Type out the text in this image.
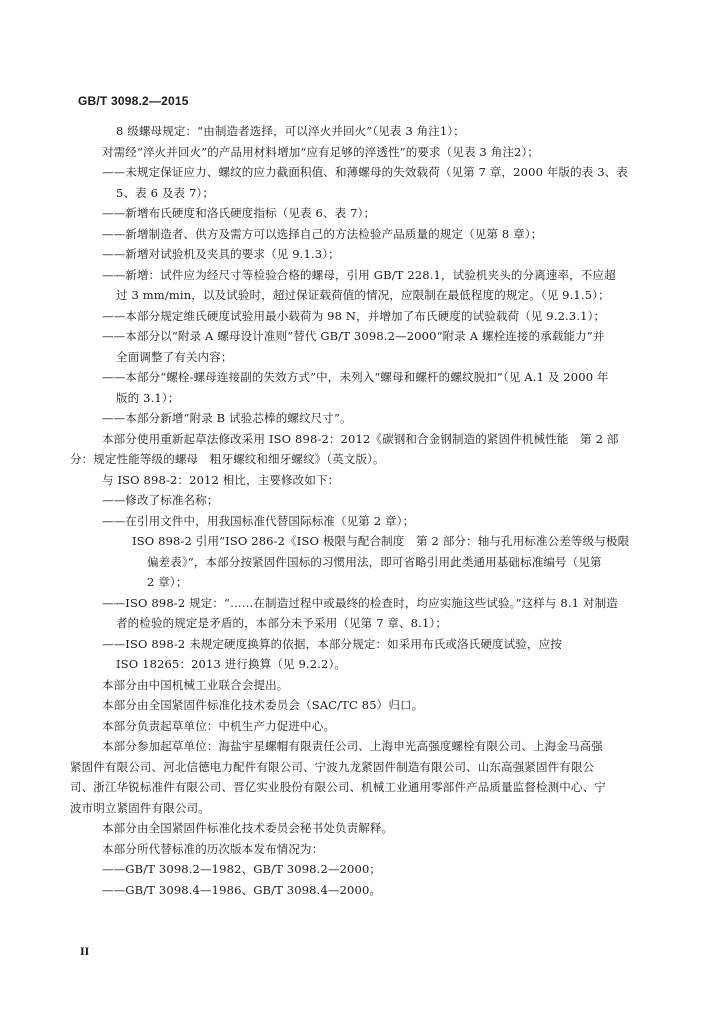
GB/T 3098.2—2015
8 级螺母规定：“由制造者选择，可以淬火并回火”（见表 3 角注1）；
对需经“淬火并回火”的产品用材料增加“应有足够的淬透性”的要求（见表 3 角注2）；
——未规定保证应力、螺纹的应力截面积值、和薄螺母的失效载荷（见第 7 章，2000 年版的表 3、表
5、表 6 及表 7）；
——新增布氏硬度和洛氏硬度指标（见表 6、表 7）；
——新增制造者、供方及需方可以选择自己的方法检验产品质量的规定（见第 8 章）；
——新增对试验机及夹具的要求（见 9.1.3）；
——新增：试件应为经尺寸等检验合格的螺母，引用 GB/T 228.1，试验机夹头的分离速率，不应超
过 3 mm/min，以及试验时，超过保证载荷值的情况，应限制在最低程度的规定。（见 9.1.5）；
——本部分规定维氏硬度试验用最小载荷为 98 N，并增加了布氏硬度的试验载荷（见 9.2.3.1）；
——本部分以“附录 A 螺母设计准则”替代 GB/T 3098.2—2000“附录 A 螺栓连接的承载能力”并
全面调整了有关内容；
——本部分“螺栓-螺母连接副的失效方式”中，未列入“螺母和螺杆的螺纹脱扣”（见 A.1 及 2000 年
版的 3.1）；
——本部分新增“附录 B 试验芯棒的螺纹尺寸”。
本部分使用重新起草法修改采用 ISO 898-2：2012《碳钢和合金钢制造的紧固件机械性能　第 2 部
分：规定性能等级的螺母　粗牙螺纹和细牙螺纹》（英文版）。
与 ISO 898-2：2012 相比，主要修改如下：
——修改了标准名称；
——在引用文件中，用我国标准代替国际标准（见第 2 章）；
ISO 898-2 引用“ISO 286-2《ISO 极限与配合制度　第 2 部分：轴与孔用标准公差等级与极限
偏差表》”，本部分按紧固件国标的习惯用法，即可省略引用此类通用基础标准编号（见第
2 章）；
——ISO 898-2 规定：“……在制造过程中或最终的检查时，均应实施这些试验。”这样与 8.1 对制造
者的检验的规定是矛盾的，本部分未予采用（见第 7 章、8.1）；
——ISO 898-2 未规定硬度换算的依据，本部分规定：如采用布氏或洛氏硬度试验，应按
ISO 18265：2013 进行换算（见 9.2.2）。
本部分由中国机械工业联合会提出。
本部分由全国紧固件标准化技术委员会（SAC/TC 85）归口。
本部分负责起草单位：中机生产力促进中心。
本部分参加起草单位：海盐宇星螺帽有限责任公司、上海申光高强度螺栓有限公司、上海金马高强
紧固件有限公司、河北信德电力配件有限公司、宁波九龙紧固件制造有限公司、山东高强紧固件有限公
司、浙江华锐标准件有限公司、晋亿实业股份有限公司、机械工业通用零部件产品质量监督检测中心、宁
波市明立紧固件有限公司。
本部分由全国紧固件标准化技术委员会秘书处负责解释。
本部分所代替标准的历次版本发布情况为：
——GB/T 3098.2—1982、GB/T 3098.2—2000；
——GB/T 3098.4—1986、GB/T 3098.4—2000。
II
